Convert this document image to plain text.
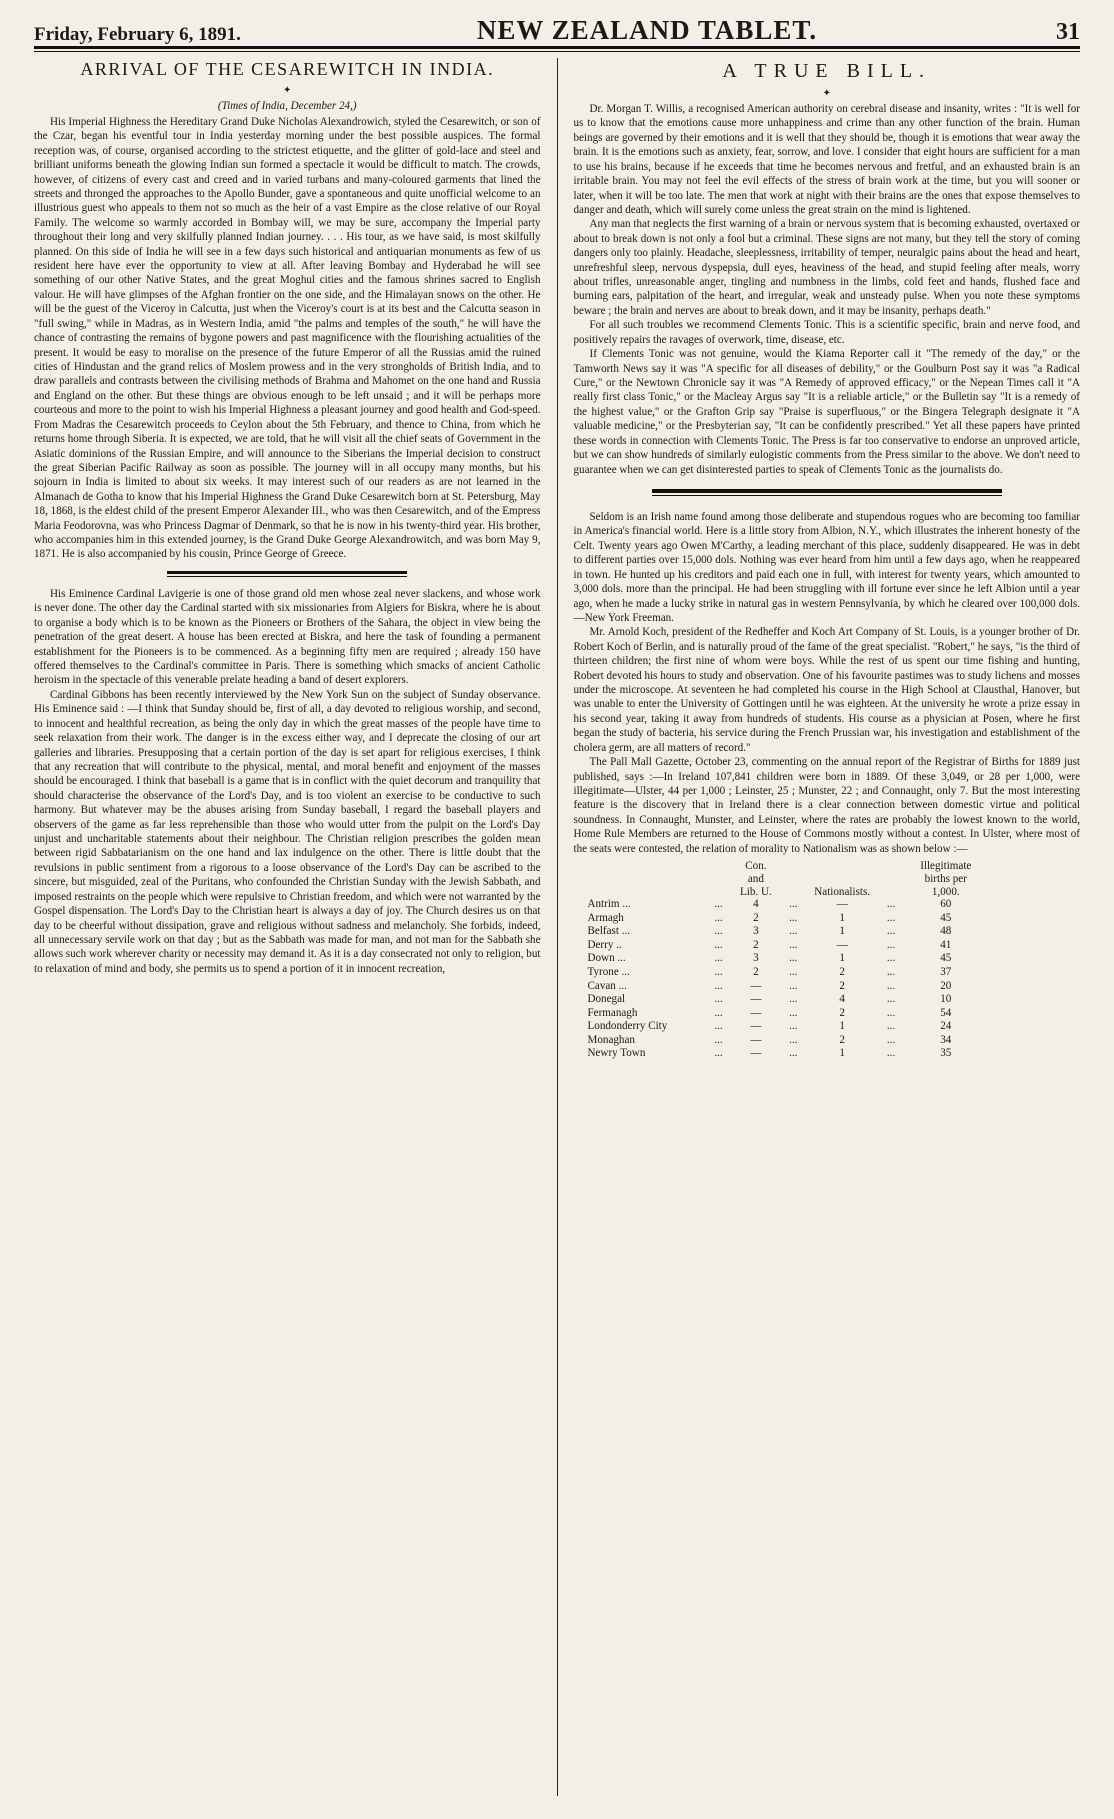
Friday, February 6, 1891.	NEW ZEALAND TABLET.	31
ARRIVAL OF THE CESAREWITCH IN INDIA.
✦

(Times of India, December 24,)

His Imperial Highness the Hereditary Grand Duke Nicholas Alexandrowich, styled the Cesarewitch, or son of the Czar, began his eventful tour in India yesterday morning under the best possible auspices. The formal reception was, of course, organised according to the strictest etiquette, and the glitter of gold-lace and steel and brilliant uniforms beneath the glowing Indian sun formed a spectacle it would be difficult to match. The crowds, however, of citizens of every cast and creed and in varied turbans and many-coloured garments that lined the streets and thronged the approaches to the Apollo Bunder, gave a spontaneous and quite unofficial welcome to an illustrious guest who appeals to them not so much as the heir of a vast Empire as the close relative of our Royal Family. The welcome so warmly accorded in Bombay will, we may be sure, accompany the Imperial party throughout their long and very skilfully planned Indian journey. . . . His tour, as we have said, is most skilfully planned. On this side of India he will see in a few days such historical and antiquarian monuments as few of us resident here have ever the opportunity to view at all. After leaving Bombay and Hyderabad he will see something of our other Native States, and the great Moghul cities and the famous shrines sacred to English valour. He will have glimpses of the Afghan frontier on the one side, and the Himalayan snows on the other. He will be the guest of the Viceroy in Calcutta, just when the Viceroy's court is at its best and the Calcutta season in "full swing," while in Madras, as in Western India, amid "the palms and temples of the south," he will have the chance of contrasting the remains of bygone powers and past magnificence with the flourishing actualities of the present. It would be easy to moralise on the presence of the future Emperor of all the Russias amid the ruined cities of Hindustan and the grand relics of Moslem prowess and in the very strongholds of British India, and to draw parallels and contrasts between the civilising methods of Brahma and Mahomet on the one hand and Russia and England on the other. But these things are obvious enough to be left unsaid ; and it will be perhaps more courteous and more to the point to wish his Imperial Highness a pleasant journey and good health and God-speed. From Madras the Cesarewitch proceeds to Ceylon about the 5th February, and thence to China, from which he returns home through Siberia. It is expected, we are told, that he will visit all the chief seats of Government in the Asiatic dominions of the Russian Empire, and will announce to the Siberians the Imperial decision to construct the great Siberian Pacific Railway as soon as possible. The journey will in all occupy many months, but his sojourn in India is limited to about six weeks. It may interest such of our readers as are not learned in the Almanach de Gotha to know that his Imperial Highness the Grand Duke Cesarewitch born at St. Petersburg, May 18, 1868, is the eldest child of the present Emperor Alexander III., who was then Cesarewitch, and of the Empress Maria Feodorovna, was who Princess Dagmar of Denmark, so that he is now in his twenty-third year. His brother, who accompanies him in this extended journey, is the Grand Duke George Alexandrowitch, and was born May 9, 1871. He is also accompanied by his cousin, Prince George of Greece.

His Eminence Cardinal Lavigerie is one of those grand old men whose zeal never slackens, and whose work is never done. The other day the Cardinal started with six missionaries from Algiers for Biskra, where he is about to organise a body which is to be known as the Pioneers or Brothers of the Sahara, the object in view being the penetration of the great desert. A house has been erected at Biskra, and here the task of founding a permanent establishment for the Pioneers is to be commenced. As a beginning fifty men are required ; already 150 have offered themselves to the Cardinal's committee in Paris. There is something which smacks of ancient Catholic heroism in the spectacle of this venerable prelate heading a band of desert explorers.

Cardinal Gibbons has been recently interviewed by the New York Sun on the subject of Sunday observance. His Eminence said : —I think that Sunday should be, first of all, a day devoted to religious worship, and second, to innocent and healthful recreation, as being the only day in which the great masses of the people have time to seek relaxation from their work. The danger is in the excess either way, and I deprecate the closing of our art galleries and libraries. Presupposing that a certain portion of the day is set apart for religious exercises, I think that any recreation that will contribute to the physical, mental, and moral benefit and enjoyment of the masses should be encouraged. I think that baseball is a game that is in conflict with the quiet decorum and tranquility that should characterise the observance of the Lord's Day, and is too violent an exercise to be conductive to such harmony. But whatever may be the abuses arising from Sunday baseball, I regard the baseball players and observers of the game as far less reprehensible than those who would utter from the pulpit on the Lord's Day unjust and uncharitable statements about their neighbour. The Christian religion prescribes the golden mean between rigid Sabbatarianism on the one hand and lax indulgence on the other. There is little doubt that the revulsions in public sentiment from a rigorous to a loose observance of the Lord's Day can be ascribed to the sincere, but misguided, zeal of the Puritans, who confounded the Christian Sunday with the Jewish Sabbath, and imposed restraints on the people which were repulsive to Christian freedom, and which were not warranted by the Gospel dispensation. The Lord's Day to the Christian heart is always a day of joy. The Church desires us on that day to be cheerful without dissipation, grave and religious without sadness and melancholy. She forbids, indeed, all unnecessary servile work on that day ; but as the Sabbath was made for man, and not man for the Sabbath she allows such work wherever charity or necessity may demand it. As it is a day consecrated not only to religion, but to relaxation of mind and body, she permits us to spend a portion of it in innocent recreation,

A TRUE BILL.
✦

Dr. Morgan T. Willis, a recognised American authority on cerebral disease and insanity, writes : "It is well for us to know that the emotions cause more unhappiness and crime than any other function of the brain. Human beings are governed by their emotions and it is well that they should be, though it is emotions that wear away the brain. It is the emotions such as anxiety, fear, sorrow, and love. I consider that eight hours are sufficient for a man to use his brains, because if he exceeds that time he becomes nervous and fretful, and an exhausted brain is an irritable brain. You may not feel the evil effects of the stress of brain work at the time, but you will sooner or later, when it will be too late. The men that work at night with their brains are the ones that expose themselves to danger and death, which will surely come unless the great strain on the mind is lightened.

Any man that neglects the first warning of a brain or nervous system that is becoming exhausted, overtaxed or about to break down is not only a fool but a criminal. These signs are not many, but they tell the story of coming dangers only too plainly. Headache, sleeplessness, irritability of temper, neuralgic pains about the head and heart, unrefreshful sleep, nervous dyspepsia, dull eyes, heaviness of the head, and stupid feeling after meals, worry about trifles, unreasonable anger, tingling and numbness in the limbs, cold feet and hands, flushed face and burning ears, palpitation of the heart, and irregular, weak and unsteady pulse. When you note these symptoms beware ; the brain and nerves are about to break down, and it may be insanity, perhaps death."

For all such troubles we recommend Clements Tonic. This is a scientific specific, brain and nerve food, and positively repairs the ravages of overwork, time, disease, etc.

If Clements Tonic was not genuine, would the Kiama Reporter call it "The remedy of the day," or the Tamworth News say it was "A specific for all diseases of debility," or the Goulburn Post say it was "a Radical Cure," or the Newtown Chronicle say it was "A Remedy of approved efficacy," or the Nepean Times call it "A really first class Tonic," or the Macleay Argus say "It is a reliable article," or the Bulletin say "It is a remedy of the highest value," or the Grafton Grip say "Praise is superfluous," or the Bingera Telegraph designate it "A valuable medicine," or the Presbyterian say, "It can be confidently prescribed." Yet all these papers have printed these words in connection with Clements Tonic. The Press is far too conservative to endorse an unproved article, but we can show hundreds of similarly eulogistic comments from the Press similar to the above. We don't need to guarantee when we can get disinterested parties to speak of Clements Tonic as the journalists do.

Seldom is an Irish name found among those deliberate and stupendous rogues who are becoming too familiar in America's financial world. Here is a little story from Albion, N.Y., which illustrates the inherent honesty of the Celt. Twenty years ago Owen M'Carthy, a leading merchant of this place, suddenly disappeared. He was in debt to different parties over 15,000 dols. Nothing was ever heard from him until a few days ago, when he reappeared in town. He hunted up his creditors and paid each one in full, with interest for twenty years, which amounted to 3,000 dols. more than the principal. He had been struggling with ill fortune ever since he left Albion until a year ago, when he made a lucky strike in natural gas in western Pennsylvania, by which he cleared over 100,000 dols.—New York Freeman.

Mr. Arnold Koch, president of the Redheffer and Koch Art Company of St. Louis, is a younger brother of Dr. Robert Koch of Berlin, and is naturally proud of the fame of the great specialist. "Robert," he says, "is the third of thirteen children; the first nine of whom were boys. While the rest of us spent our time fishing and hunting, Robert devoted his hours to study and observation. One of his favourite pastimes was to study lichens and mosses under the microscope. At seventeen he had completed his course in the High School at Clausthal, Hanover, but was unable to enter the University of Gottingen until he was eighteen. At the university he wrote a prize essay in his second year, taking it away from hundreds of students. His course as a physician at Posen, where he first began the study of bacteria, his service during the French Prussian war, his investigation and establishment of the cholera germ, are all matters of record."

The Pall Mall Gazette, October 23, commenting on the annual report of the Registrar of Births for 1889 just published, says :—In Ireland 107,841 children were born in 1889. Of these 3,049, or 28 per 1,000, were illegitimate—Ulster, 44 per 1,000 ; Leinster, 25 ; Munster, 22 ; and Connaught, only 7. But the most interesting feature is the discovery that in Ireland there is a clear connection between domestic virtue and political soundness. In Connaught, Munster, and Leinster, where the rates are probably the lowest known to the world, Home Rule Members are returned to the House of Commons mostly without a contest. In Ulster, where most of the seats were contested, the relation of morality to Nationalism was as shown below :—

		Con. and Lib. U.		Nationalists.		Illegitimate births per 1,000.
Antrim ...	...	4	...	—	...	60
Armagh	...	2	...	1	...	45
Belfast ...	...	3	...	1	...	48
Derry ..	...	2	...	—	...	41
Down ...	...	3	...	1	...	45
Tyrone ...	...	2	...	2	...	37
Cavan ...	...	—	...	2	...	20
Donegal	...	—	...	4	...	10
Fermanagh	...	—	...	2	...	54
Londonderry City	...	—	...	1	...	24
Monaghan	...	—	...	2	...	34
Newry Town	...	—	...	1	...	35
